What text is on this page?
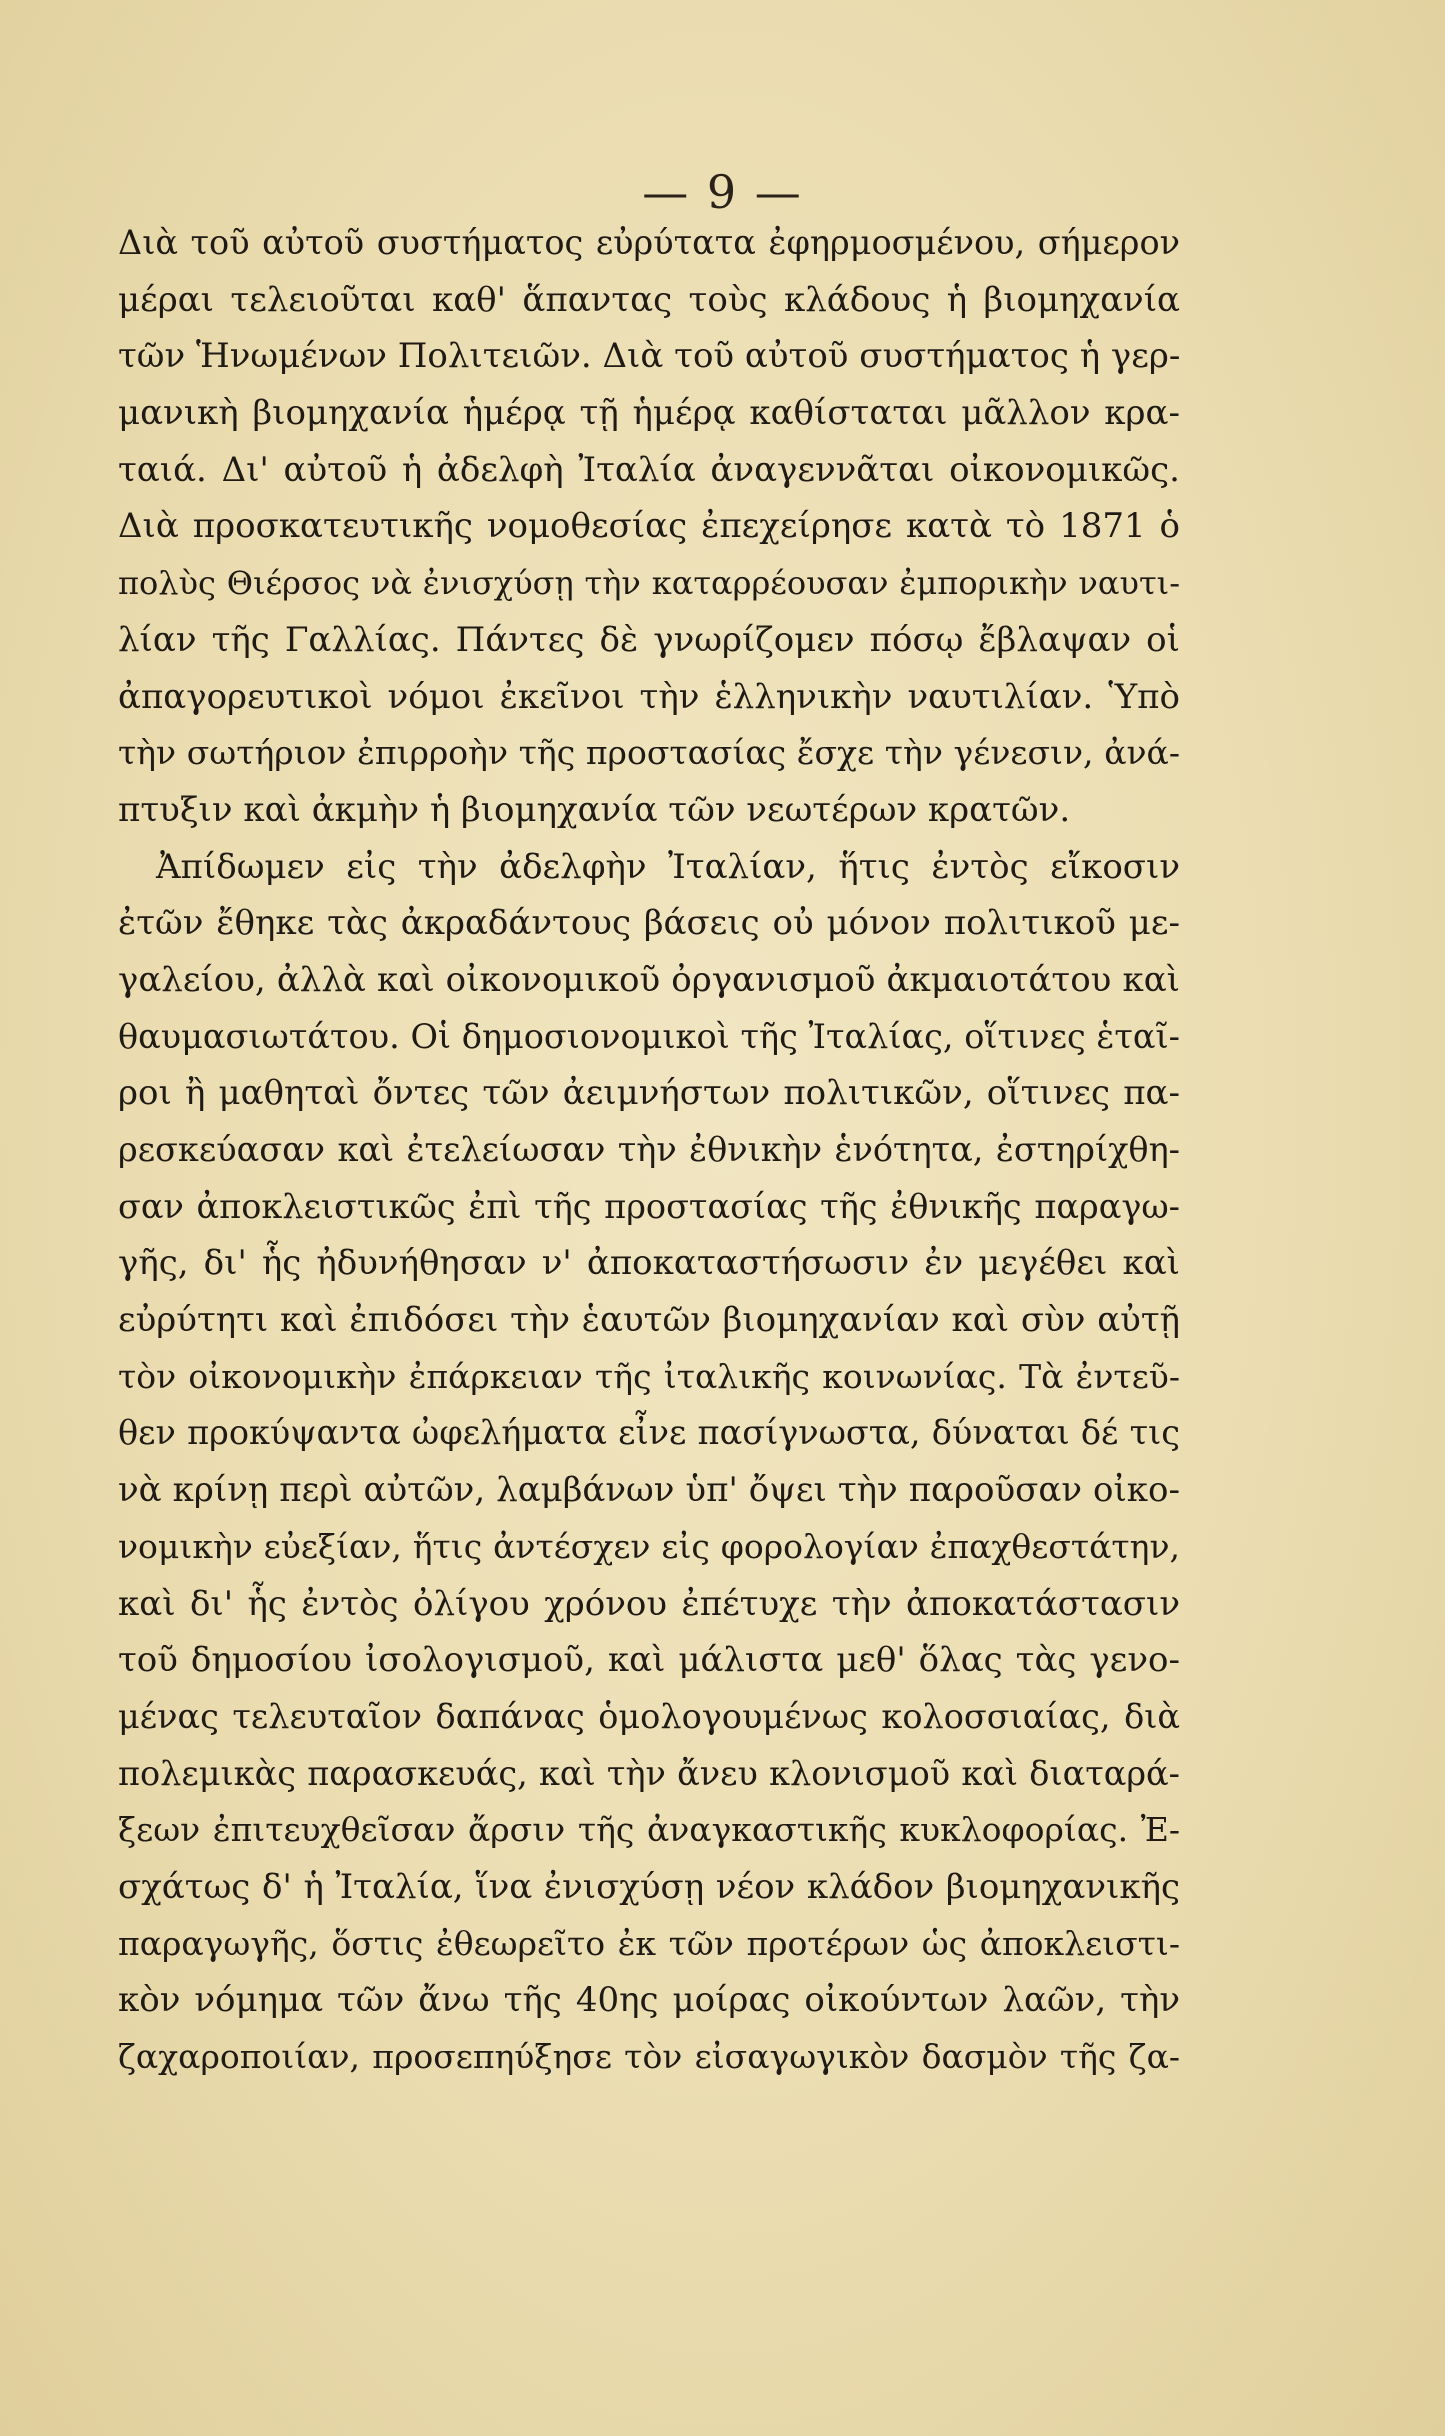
— 9 —
Διὰ τοῦ αὐτοῦ συστήματος εὐρύτατα ἐφηρμοσμένου, σήμερον
μέραι τελειοῦται καθ' ἅπαντας τοὺς κλάδους ἡ βιομηχανία
τῶν Ἡνωμένων Πολιτειῶν. Διὰ τοῦ αὐτοῦ συστήματος ἡ γερ-
μανικὴ βιομηχανία ἡμέρᾳ τῇ ἡμέρᾳ καθίσταται μᾶλλον κρα-
ταιά. Δι' αὐτοῦ ἡ ἀδελφὴ Ἰταλία ἀναγεννᾶται οἰκονομικῶς.
Διὰ προσκατευτικῆς νομοθεσίας ἐπεχείρησε κατὰ τὸ 1871 ὁ
πολὺς Θιέρσος νὰ ἐνισχύσῃ τὴν καταρρέουσαν ἐμπορικὴν ναυτι-
λίαν τῆς Γαλλίας. Πάντες δὲ γνωρίζομεν πόσῳ ἔβλαψαν οἱ
ἀπαγορευτικοὶ νόμοι ἐκεῖνοι τὴν ἑλληνικὴν ναυτιλίαν. Ὑπὸ
τὴν σωτήριον ἐπιρροὴν τῆς προστασίας ἔσχε τὴν γένεσιν, ἀνά-
πτυξιν καὶ ἀκμὴν ἡ βιομηχανία τῶν νεωτέρων κρατῶν.
Ἀπίδωμεν εἰς τὴν ἀδελφὴν Ἰταλίαν, ἥτις ἐντὸς εἴκοσιν
ἐτῶν ἔθηκε τὰς ἀκραδάντους βάσεις οὐ μόνον πολιτικοῦ με-
γαλείου, ἀλλὰ καὶ οἰκονομικοῦ ὀργανισμοῦ ἀκμαιοτάτου καὶ
θαυμασιωτάτου. Οἱ δημοσιονομικοὶ τῆς Ἰταλίας, οἵτινες ἑταῖ-
ροι ἢ μαθηταὶ ὄντες τῶν ἀειμνήστων πολιτικῶν, οἵτινες πα-
ρεσκεύασαν καὶ ἐτελείωσαν τὴν ἐθνικὴν ἑνότητα, ἐστηρίχθη-
σαν ἀποκλειστικῶς ἐπὶ τῆς προστασίας τῆς ἐθνικῆς παραγω-
γῆς, δι' ἧς ἠδυνήθησαν ν' ἀποκαταστήσωσιν ἐν μεγέθει καὶ
εὐρύτητι καὶ ἐπιδόσει τὴν ἑαυτῶν βιομηχανίαν καὶ σὺν αὐτῇ
τὸν οἰκονομικὴν ἐπάρκειαν τῆς ἰταλικῆς κοινωνίας. Τὰ ἐντεῦ-
θεν προκύψαντα ὠφελήματα εἶνε πασίγνωστα, δύναται δέ τις
νὰ κρίνῃ περὶ αὐτῶν, λαμβάνων ὑπ' ὄψει τὴν παροῦσαν οἰκο-
νομικὴν εὐεξίαν, ἥτις ἀντέσχεν εἰς φορολογίαν ἐπαχθεστάτην,
καὶ δι' ἧς ἐντὸς ὀλίγου χρόνου ἐπέτυχε τὴν ἀποκατάστασιν
τοῦ δημοσίου ἰσολογισμοῦ, καὶ μάλιστα μεθ' ὅλας τὰς γενο-
μένας τελευταῖον δαπάνας ὁμολογουμένως κολοσσιαίας, διὰ
πολεμικὰς παρασκευάς, καὶ τὴν ἄνευ κλονισμοῦ καὶ διαταρά-
ξεων ἐπιτευχθεῖσαν ἄρσιν τῆς ἀναγκαστικῆς κυκλοφορίας. Ἐ-
σχάτως δ' ἡ Ἰταλία, ἵνα ἐνισχύσῃ νέον κλάδον βιομηχανικῆς
παραγωγῆς, ὅστις ἐθεωρεῖτο ἐκ τῶν προτέρων ὡς ἀποκλειστι-
κὸν νόμημα τῶν ἄνω τῆς 40ης μοίρας οἰκούντων λαῶν, τὴν
ζαχαροποιίαν, προσεπηύξησε τὸν εἰσαγωγικὸν δασμὸν τῆς ζα-
